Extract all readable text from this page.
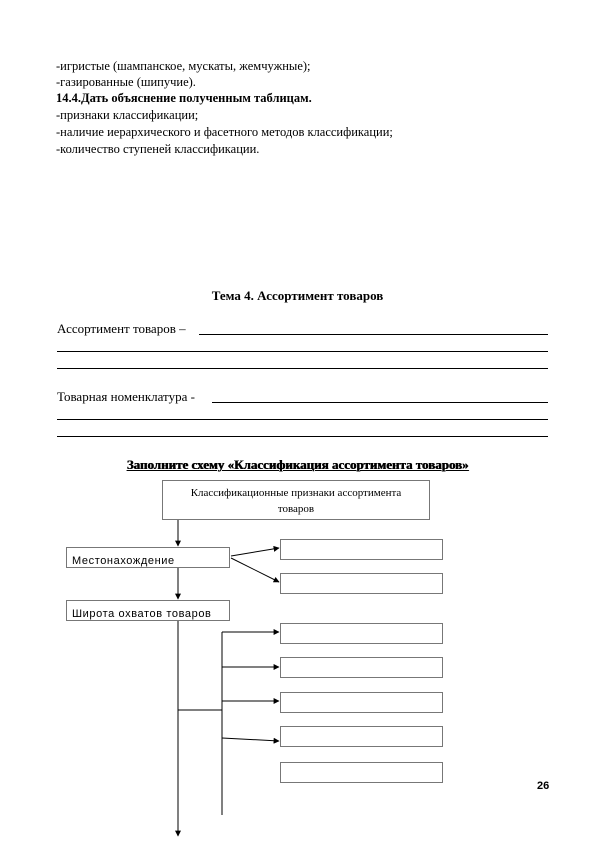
-игристые (шампанское, мускаты, жемчужные);
-газированные (шипучие).
14.4.Дать объяснение полученным таблицам.
-признаки классификации;
-наличие иерархического и фасетного методов классификации;
-количество ступеней классификации.
Тема 4. Ассортимент товаров
Ассортимент товаров –
Товарная номенклатура -
Заполните схему «Классификация ассортимента товаров»
Классификационные признаки ассортимента
товаров
Местонахождение
Широта охватов товаров
26
